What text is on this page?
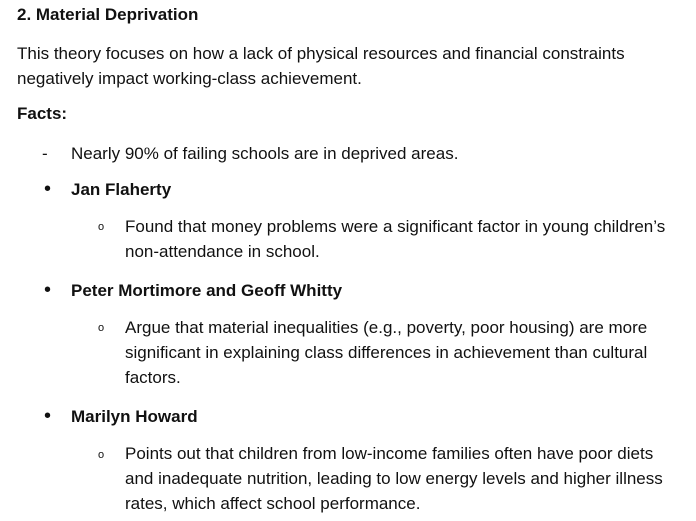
2. Material Deprivation
This theory focuses on how a lack of physical resources and financial constraints negatively impact working-class achievement.
Facts:
- Nearly 90% of failing schools are in deprived areas.
• Jan Flaherty
o Found that money problems were a significant factor in young children’s non-attendance in school.
• Peter Mortimore and Geoff Whitty
o Argue that material inequalities (e.g., poverty, poor housing) are more significant in explaining class differences in achievement than cultural factors.
• Marilyn Howard
o Points out that children from low-income families often have poor diets and inadequate nutrition, leading to low energy levels and higher illness rates, which affect school performance.
